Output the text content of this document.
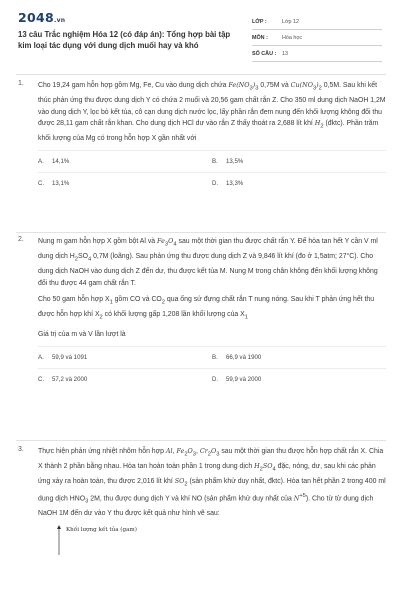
2048.vn
13 câu Trắc nghiệm Hóa 12 (có đáp án): Tổng hợp bài tập kim loại tác dụng với dung dịch muối hay và khó
LỚP :	Lớp 12
MÔN :	Hóa học
SỐ CÂU :	13
1. Cho 19,24 gam hỗn hợp gồm Mg, Fe, Cu vào dung dịch chứa $Fe(NO_3)_3$ 0,75M và $Cu(NO_3)_2$ 0,5M. Sau khi kết thúc phản ứng thu được dung dịch Y có chứa 2 muối và 20,56 gam chất rắn Z. Cho 350 ml dung dịch NaOH 1,2M vào dung dịch Y, lọc bỏ kết tủa, cô cạn dung dịch nước lọc, lấy phần rắn đem nung đến khối lượng không đổi thu được 28,11 gam chất rắn khan. Cho dung dịch HCl dư vào rắn Z thấy thoát ra 2,688 lít khí $H_2$ (đktc). Phần trăm khối lượng của Mg có trong hỗn hợp X gần nhất với

A. 14,1%	B. 13,5%
C. 13,1%	D. 13,3%
2. Nung m gam hỗn hợp X gồm bột Al và $Fe_3O_4$ sau một thời gian thu được chất rắn Y. Để hòa tan hết Y cần V ml dung dịch $H_2SO_4$ 0,7M (loãng). Sau phản ứng thu được dung dịch Z và 9,846 lít khí (đo ở 1,5atm; 27°C). Cho dung dịch NaOH vào dung dịch Z đến dư, thu được kết tủa M. Nung M trong chân không đến khối lượng không đổi thu được 44 gam chất rắn T.

Cho 50 gam hỗn hợp $X_1$ gồm CO và $CO_2$ qua ống sứ đựng chất rắn T nung nóng. Sau khi T phản ứng hết thu được hỗn hợp khí $X_2$ có khối lượng gấp 1,208 lần khối lượng của $X_1$

Giá trị của m và V lần lượt là

A. 59,9 và 1091	B. 66,9 và 1900
C. 57,2 và 2000	D. 59,9 và 2000
3. Thực hiện phản ứng nhiệt nhôm hỗn hợp Al, $Fe_2O_3$, $Cr_2O_3$ sau một thời gian thu được hỗn hợp chất rắn X. Chia X thành 2 phần bằng nhau. Hòa tan hoàn toàn phần 1 trong dung dịch $H_2SO_4$ đặc, nóng, dư, sau khi các phản ứng xảy ra hoàn toàn, thu được 2,016 lít khí $SO_2$ (sản phẩm khử duy nhất, đktc). Hòa tan hết phần 2 trong 400 ml dung dịch $HNO_3$ 2M, thu được dung dịch Y và khí NO (sản phẩm khử duy nhất của $N^{+5}$). Cho từ từ dung dịch NaOH 1M đến dư vào Y thu được kết quả như hình vẽ sau:

Khối lượng kết tủa (gam)
